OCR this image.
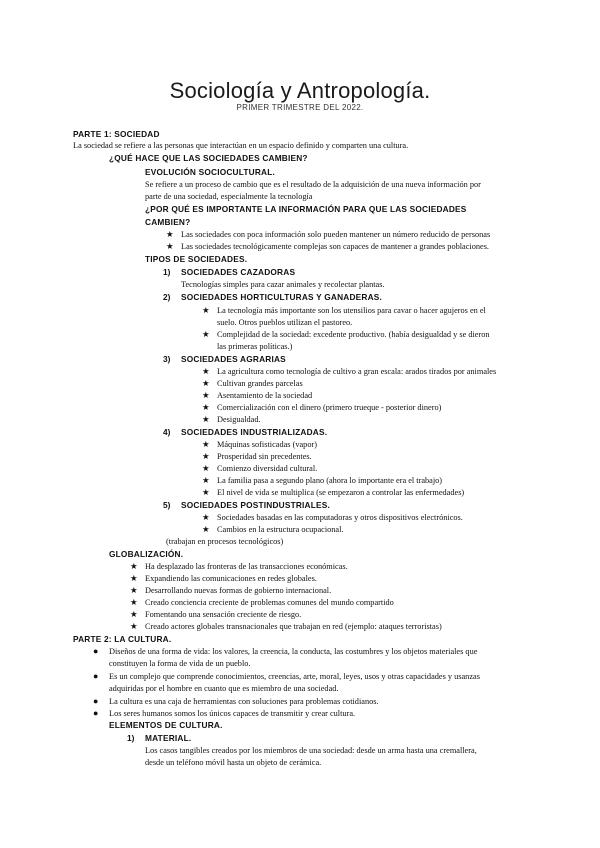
Sociología y Antropología.
PRIMER TRIMESTRE DEL 2022.
PARTE 1: SOCIEDAD
La sociedad se refiere a las personas que interactúan en un espacio definido y comparten una cultura.
¿QUÉ HACE QUE LAS SOCIEDADES CAMBIEN?
EVOLUCIÓN SOCIOCULTURAL.
Se refiere a un proceso de cambio que es el resultado de la adquisición de una nueva información por
parte de una sociedad, especialmente la tecnología
¿POR QUÉ ES IMPORTANTE LA INFORMACIÓN PARA QUE LAS SOCIEDADES
CAMBIEN?
★ Las sociedades con poca información solo pueden mantener un número reducido de personas
★ Las sociedades tecnológicamente complejas son capaces de mantener a grandes poblaciones.
TIPOS DE SOCIEDADES.
1) SOCIEDADES CAZADORAS
Tecnologías simples para cazar animales y recolectar plantas.
2) SOCIEDADES HORTICULTURAS Y GANADERAS.
★ La tecnología más importante son los utensilios para cavar o hacer agujeros en el
suelo. Otros pueblos utilizan el pastoreo.
★ Complejidad de la sociedad: excedente productivo. (había desigualdad y se dieron
las primeras políticas.)
3) SOCIEDADES AGRARIAS
★ La agricultura como tecnología de cultivo a gran escala: arados tirados por animales
★ Cultivan grandes parcelas
★ Asentamiento de la sociedad
★ Comercialización con el dinero (primero trueque - posterior dinero)
★ Desigualdad.
4) SOCIEDADES INDUSTRIALIZADAS.
★ Máquinas sofisticadas (vapor)
★ Prosperidad sin precedentes.
★ Comienzo diversidad cultural.
★ La familia pasa a segundo plano (ahora lo importante era el trabajo)
★ El nivel de vida se multiplica (se empezaron a controlar las enfermedades)
5) SOCIEDADES POSTINDUSTRIALES.
★ Sociedades basadas en las computadoras y otros dispositivos electrónicos.
★ Cambios en la estructura ocupacional.
(trabajan en procesos tecnológicos)
GLOBALIZACIÓN.
★ Ha desplazado las fronteras de las transacciones económicas.
★ Expandiendo las comunicaciones en redes globales.
★ Desarrollando nuevas formas de gobierno internacional.
★ Creado conciencia creciente de problemas comunes del mundo compartido
★ Fomentando una sensación creciente de riesgo.
★ Creado actores globales transnacionales que trabajan en red (ejemplo: ataques terroristas)
PARTE 2: LA CULTURA.
● Diseños de una forma de vida: los valores, la creencia, la conducta, las costumbres y los objetos materiales que
constituyen la forma de vida de un pueblo.
● Es un complejo que comprende conocimientos, creencias, arte, moral, leyes, usos y otras capacidades y usanzas
adquiridas por el hombre en cuanto que es miembro de una sociedad.
● La cultura es una caja de herramientas con soluciones para problemas cotidianos.
● Los seres humanos somos los únicos capaces de transmitir y crear cultura.
ELEMENTOS DE CULTURA.
1) MATERIAL.
Los casos tangibles creados por los miembros de una sociedad: desde un arma hasta una cremallera,
desde un teléfono móvil hasta un objeto de cerámica.
